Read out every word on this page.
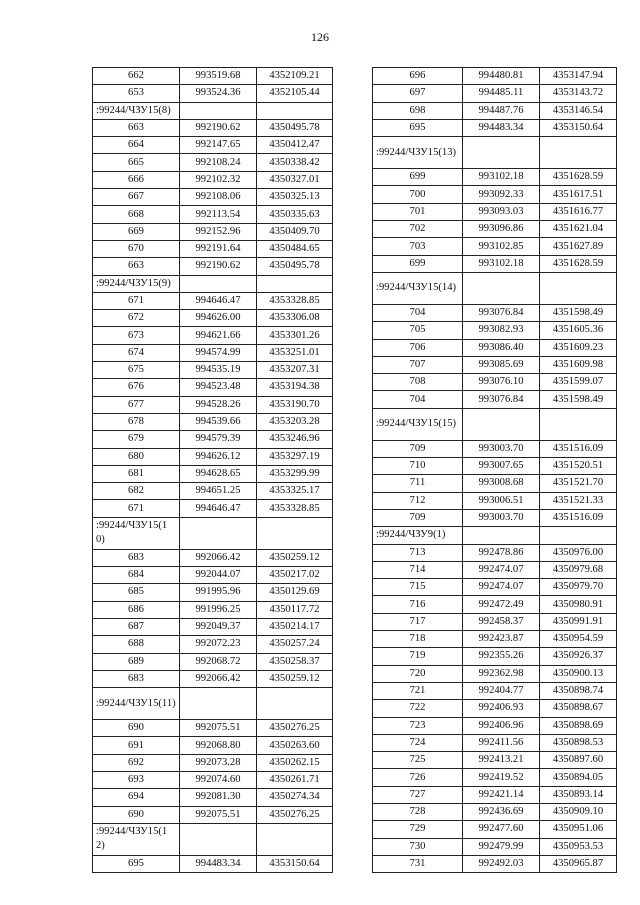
126
662	993519.68	4352109.21
653	993524.36	4352105.44
:99244/ЧЗУ15(8)		
663	992190.62	4350495.78
664	992147.65	4350412.47
665	992108.24	4350338.42
666	992102.32	4350327.01
667	992108.06	4350325.13
668	992113.54	4350335.63
669	992152.96	4350409.70
670	992191.64	4350484.65
663	992190.62	4350495.78
:99244/ЧЗУ15(9)		
671	994646.47	4353328.85
672	994626.00	4353306.08
673	994621.66	4353301.26
674	994574.99	4353251.01
675	994535.19	4353207.31
676	994523.48	4353194.38
677	994528.26	4353190.70
678	994539.66	4353203.28
679	994579.39	4353246.96
680	994626.12	4353297.19
681	994628.65	4353299.99
682	994651.25	4353325.17
671	994646.47	4353328.85
:99244/ЧЗУ15(10)		
683	992066.42	4350259.12
684	992044.07	4350217.02
685	991995.96	4350129.69
686	991996.25	4350117.72
687	992049.37	4350214.17
688	992072.23	4350257.24
689	992068.72	4350258.37
683	992066.42	4350259.12
:99244/ЧЗУ15(11)		
690	992075.51	4350276.25
691	992068.80	4350263.60
692	992073.28	4350262.15
693	992074.60	4350261.71
694	992081.30	4350274.34
690	992075.51	4350276.25
:99244/ЧЗУ15(12)		
695	994483.34	4353150.64
696	994480.81	4353147.94
697	994485.11	4353143.72
698	994487.76	4353146.54
695	994483.34	4353150.64
:99244/ЧЗУ15(13)		
699	993102.18	4351628.59
700	993092.33	4351617.51
701	993093.03	4351616.77
702	993096.86	4351621.04
703	993102.85	4351627.89
699	993102.18	4351628.59
:99244/ЧЗУ15(14)		
704	993076.84	4351598.49
705	993082.93	4351605.36
706	993086.40	4351609.23
707	993085.69	4351609.98
708	993076.10	4351599.07
704	993076.84	4351598.49
:99244/ЧЗУ15(15)		
709	993003.70	4351516.09
710	993007.65	4351520.51
711	993008.68	4351521.70
712	993006.51	4351521.33
709	993003.70	4351516.09
:99244/ЧЗУ9(1)		
713	992478.86	4350976.00
714	992474.07	4350979.68
715	992474.07	4350979.70
716	992472.49	4350980.91
717	992458.37	4350991.91
718	992423.87	4350954.59
719	992355.26	4350926.37
720	992362.98	4350900.13
721	992404.77	4350898.74
722	992406.93	4350898.67
723	992406.96	4350898.69
724	992411.56	4350898.53
725	992413.21	4350897.60
726	992419.52	4350894.05
727	992421.14	4350893.14
728	992436.69	4350909.10
729	992477.60	4350951.06
730	992479.99	4350953.53
731	992492.03	4350965.87
